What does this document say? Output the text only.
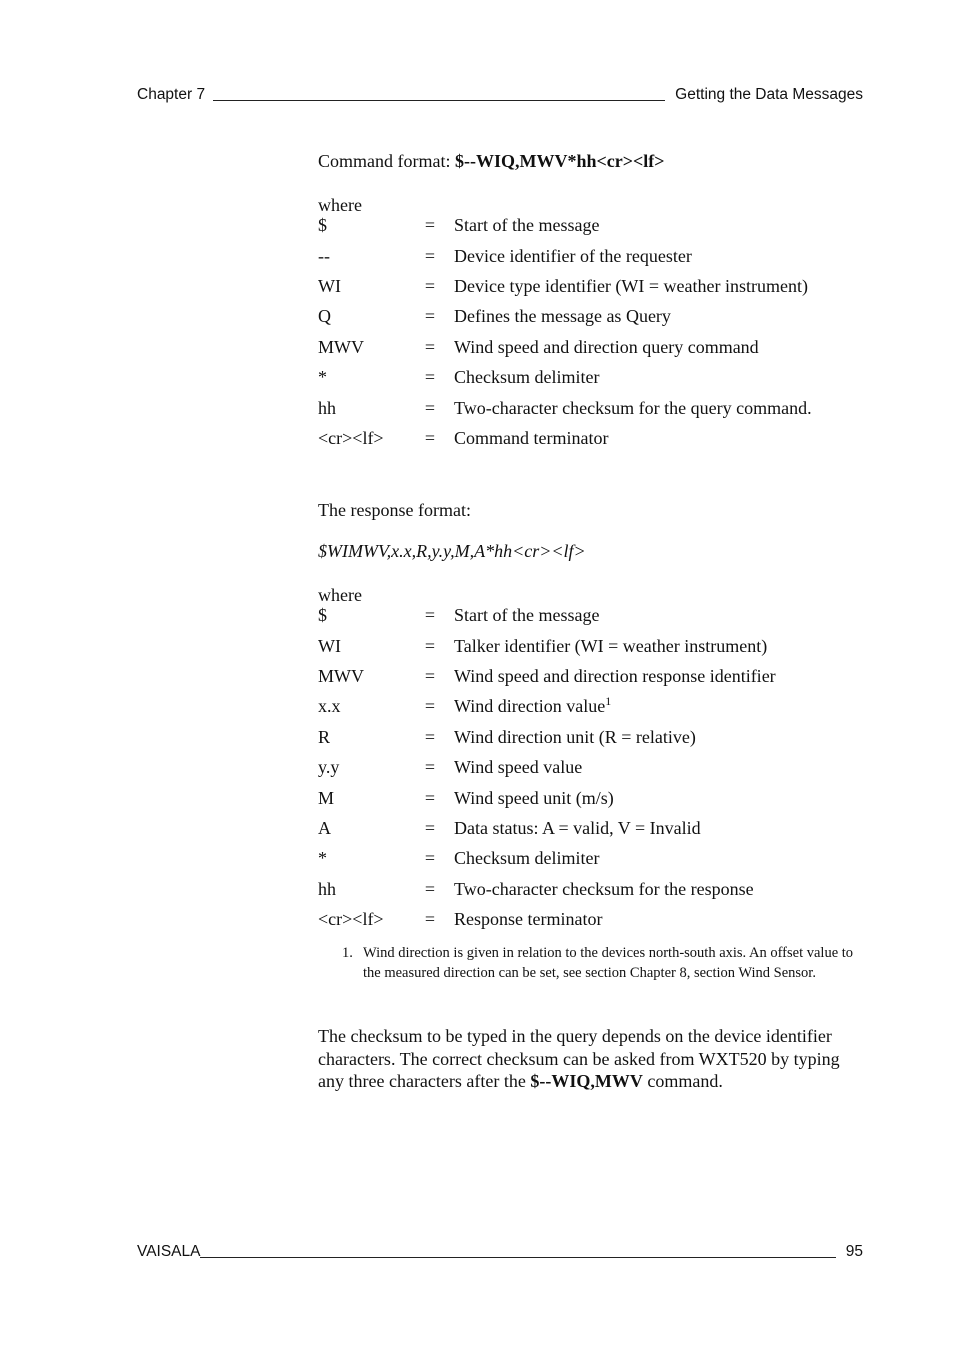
Chapter 7	Getting the Data Messages

Command format: $--WIQ,MWV*hh<cr><lf>

where

$	=	Start of the message
--	=	Device identifier of the requester
WI	=	Device type identifier (WI = weather instrument)
Q	=	Defines the message as Query
MWV	=	Wind speed and direction query command
*	=	Checksum delimiter
hh	=	Two-character checksum for the query command.
<cr><lf>	=	Command terminator

The response format:

$WIMWV,x.x,R,y.y,M,A*hh<cr><lf>

where

$	=	Start of the message
WI	=	Talker identifier (WI = weather instrument)
MWV	=	Wind speed and direction response identifier
x.x	=	Wind direction value$^1$
R	=	Wind direction unit (R = relative)
y.y	=	Wind speed value
M	=	Wind speed unit (m/s)
A	=	Data status: A = valid, V = Invalid
*	=	Checksum delimiter
hh	=	Two-character checksum for the response
<cr><lf>	=	Response terminator
1. Wind direction is given in relation to the devices north-south axis. An offset value to the measured direction can be set, see section Chapter 8, section Wind Sensor.

The checksum to be typed in the query depends on the device identifier characters. The correct checksum can be asked from WXT520 by typing any three characters after the $--WIQ,MWV command.

VAISALA	95
